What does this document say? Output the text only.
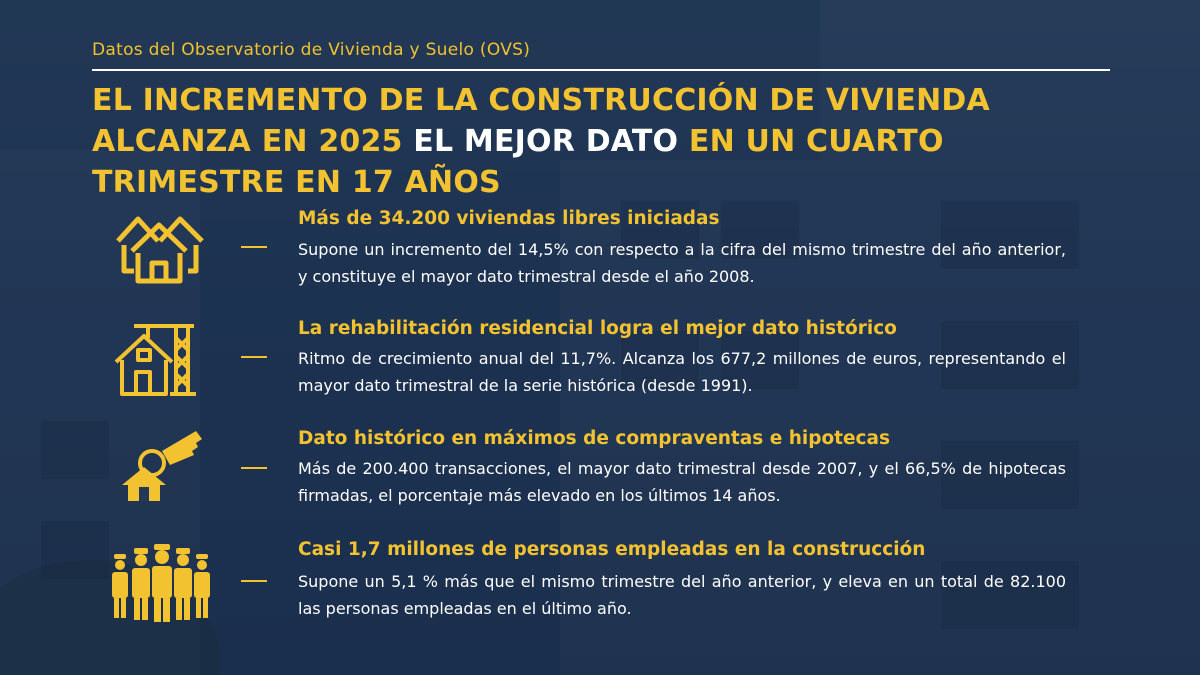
Datos del Observatorio de Vivienda y Suelo (OVS)
EL INCREMENTO DE LA CONSTRUCCIÓN DE VIVIENDA ALCANZA EN 2025 EL MEJOR DATO EN UN CUARTO TRIMESTRE EN 17 AÑOS
Más de 34.200 viviendas libres iniciadas
Supone un incremento del 14,5% con respecto a la cifra del mismo trimestre del año anterior, y constituye el mayor dato trimestral desde el año 2008.
La rehabilitación residencial logra el mejor dato histórico
Ritmo de crecimiento anual del 11,7%. Alcanza los 677,2 millones de euros, representando el mayor dato trimestral de la serie histórica (desde 1991).
Dato histórico en máximos de compraventas e hipotecas
Más de 200.400 transacciones, el mayor dato trimestral desde 2007, y el 66,5% de hipotecas firmadas, el porcentaje más elevado en los últimos 14 años.
Casi 1,7 millones de personas empleadas en la construcción
Supone un 5,1 % más que el mismo trimestre del año anterior, y eleva en un total de 82.100 las personas empleadas en el último año.
